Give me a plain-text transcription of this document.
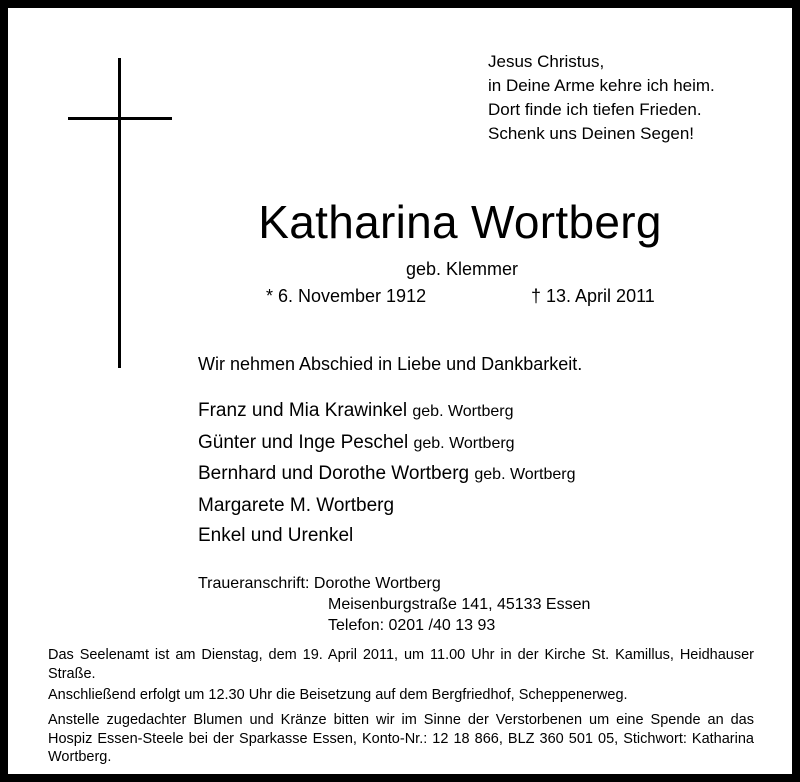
Jesus Christus,
in Deine Arme kehre ich heim.
Dort finde ich tiefen Frieden.
Schenk uns Deinen Segen!
Katharina Wortberg
geb. Klemmer
* 6. November 1912	† 13. April 2011
Wir nehmen Abschied in Liebe und Dankbarkeit.
Franz und Mia Krawinkel geb. Wortberg
Günter und Inge Peschel geb. Wortberg
Bernhard und Dorothe Wortberg geb. Wortberg
Margarete M. Wortberg
Enkel und Urenkel
Traueranschrift: Dorothe Wortberg
Meisenburgstraße 141, 45133 Essen
Telefon: 0201 /40 13 93

Das Seelenamt ist am Dienstag, dem 19. April 2011, um 11.00 Uhr in der Kirche St. Kamillus, Heidhauser Straße.

Anschließend erfolgt um 12.30 Uhr die Beisetzung auf dem Bergfriedhof, Scheppenerweg.

Anstelle zugedachter Blumen und Kränze bitten wir im Sinne der Verstorbenen um eine Spende an das Hospiz Essen-Steele bei der Sparkasse Essen, Konto-Nr.: 12 18 866, BLZ 360 501 05, Stichwort: Katharina Wortberg.
